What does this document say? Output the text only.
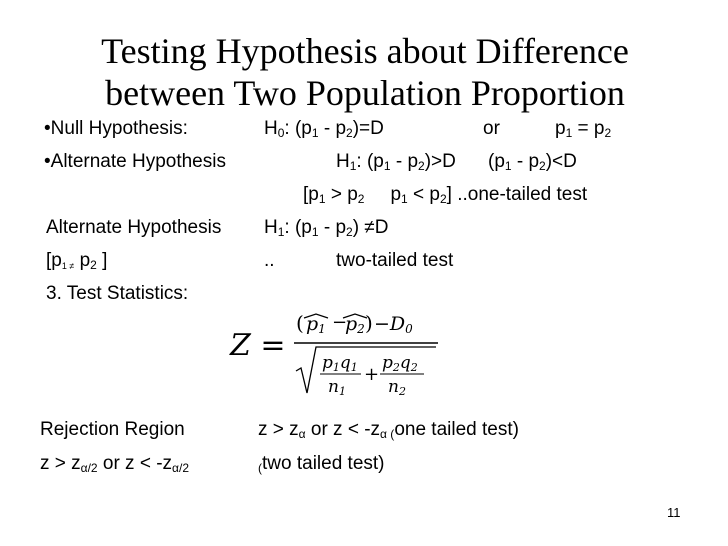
Testing Hypothesis about Difference
between Two Population Proportion
•Null Hypothesis:	$H_0$: $(p_1 - p_2)=D$	or	$p_1 = p_2$
•Alternate Hypothesis	$H_1$: $(p_1 - p_2)>D$ $(p_1 - p_2)<D$
[$p_1 > p_2$ $p_1 < p_2$] ..one-tailed test
Alternate Hypothesis $H_1$: $(p_1 - p_2) \ne D$
[$p1 \ne p_2$ ]	..	two-tailed test
3. Test Statistics:
Z =
p1 −
p2 −D0
(	)
p1q1
n1
+
p2q2
n2
Rejection Region	$z > z_\alpha$ or $z < -z_{\alpha (}one$ tailed test)
$z > z_{\alpha/2}$ or $z < -z_{\alpha/2}$	$_($two tailed test)
11
